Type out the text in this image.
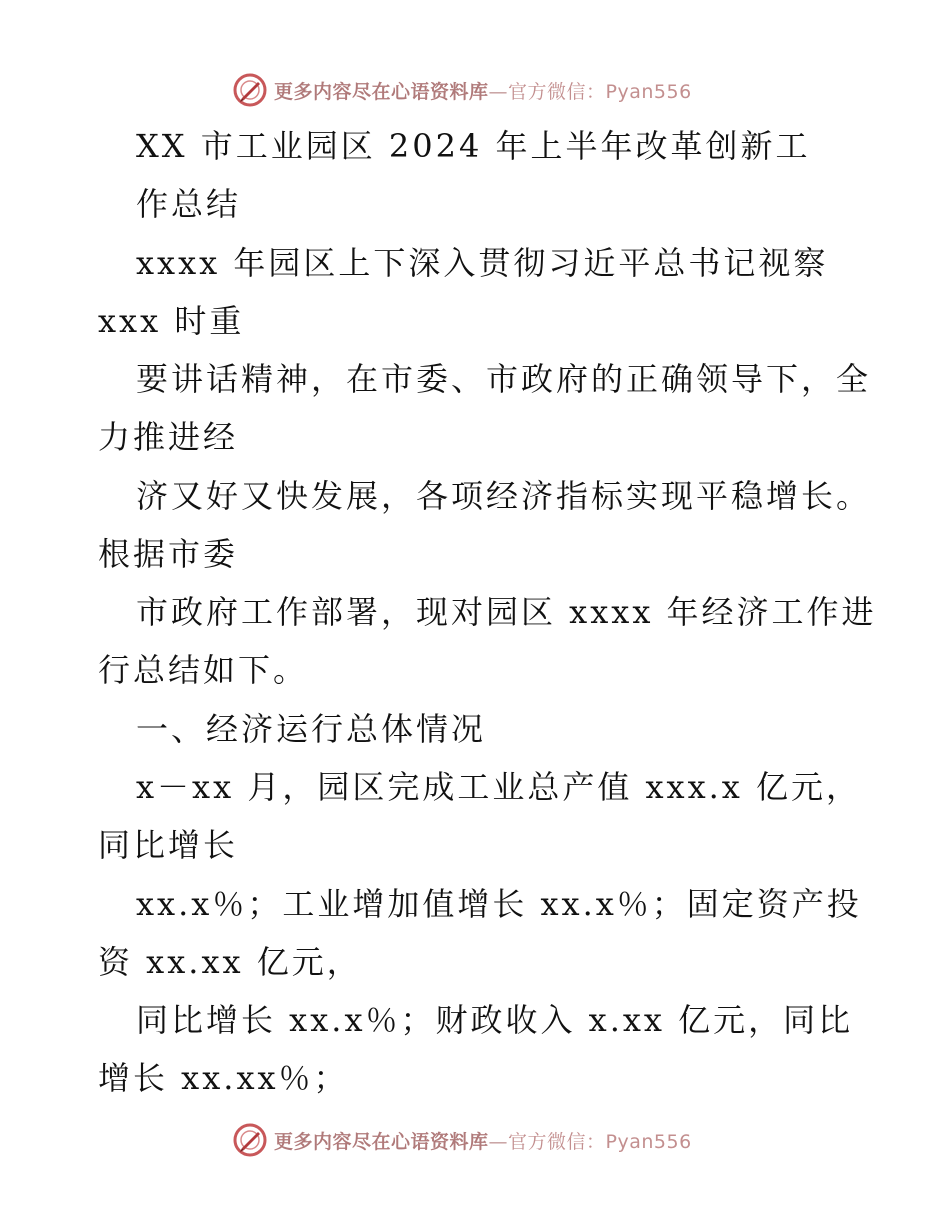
更多内容尽在心语资料库—官方微信：Pyan556
XX 市工业园区 2024 年上半年改革创新工
作总结
xxxx 年园区上下深入贯彻习近平总书记视察
xxx 时重
要讲话精神，在市委、市政府的正确领导下，全
力推进经
济又好又快发展，各项经济指标实现平稳增长。
根据市委
市政府工作部署，现对园区 xxxx 年经济工作进
行总结如下。
一、经济运行总体情况
x－xx 月，园区完成工业总产值 xxx.x 亿元，
同比增长
xx.x％；工业增加值增长 xx.x％；固定资产投
资 xx.xx 亿元，
同比增长 xx.x％；财政收入 x.xx 亿元，同比
增长 xx.xx％；
更多内容尽在心语资料库—官方微信：Pyan556
